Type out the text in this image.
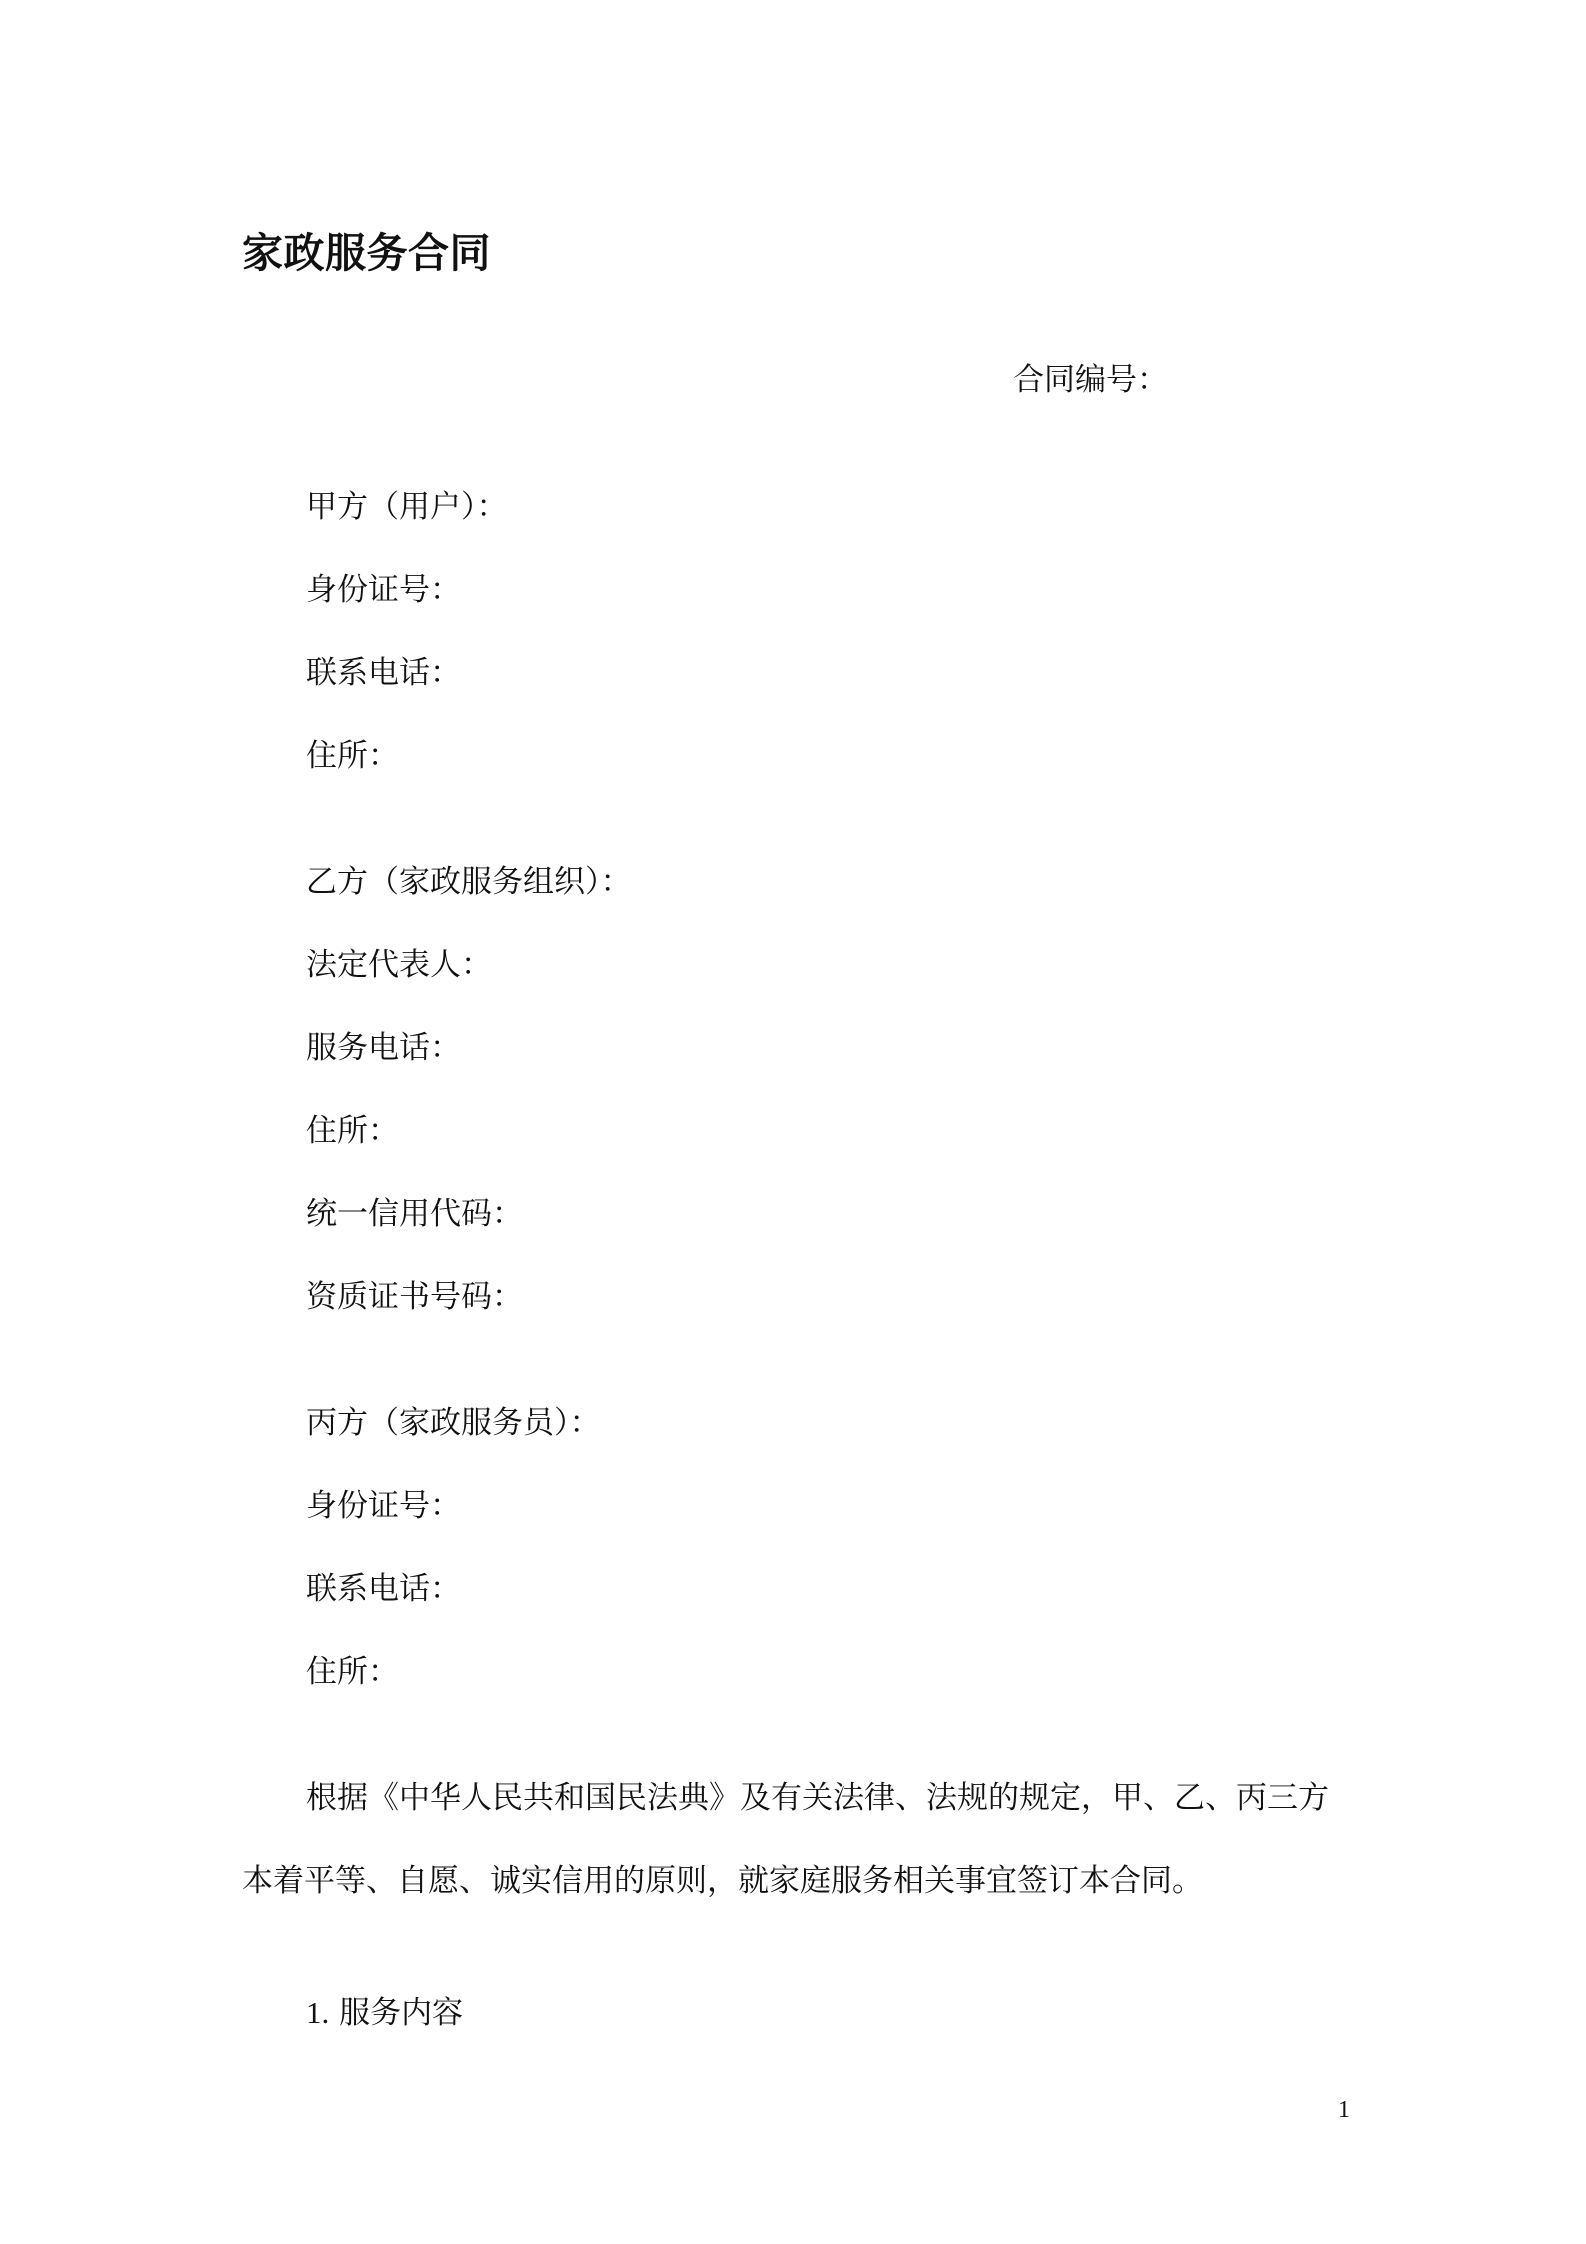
家政服务合同
合同编号：
甲方（用户）：
身份证号：
联系电话：
住所：
乙方（家政服务组织）：
法定代表人：
服务电话：
住所：
统一信用代码：
资质证书号码：
丙方（家政服务员）：
身份证号：
联系电话：
住所：
根据《中华人民共和国民法典》及有关法律、法规的规定，甲、乙、丙三方
本着平等、自愿、诚实信用的原则，就家庭服务相关事宜签订本合同。
1. 服务内容
1
